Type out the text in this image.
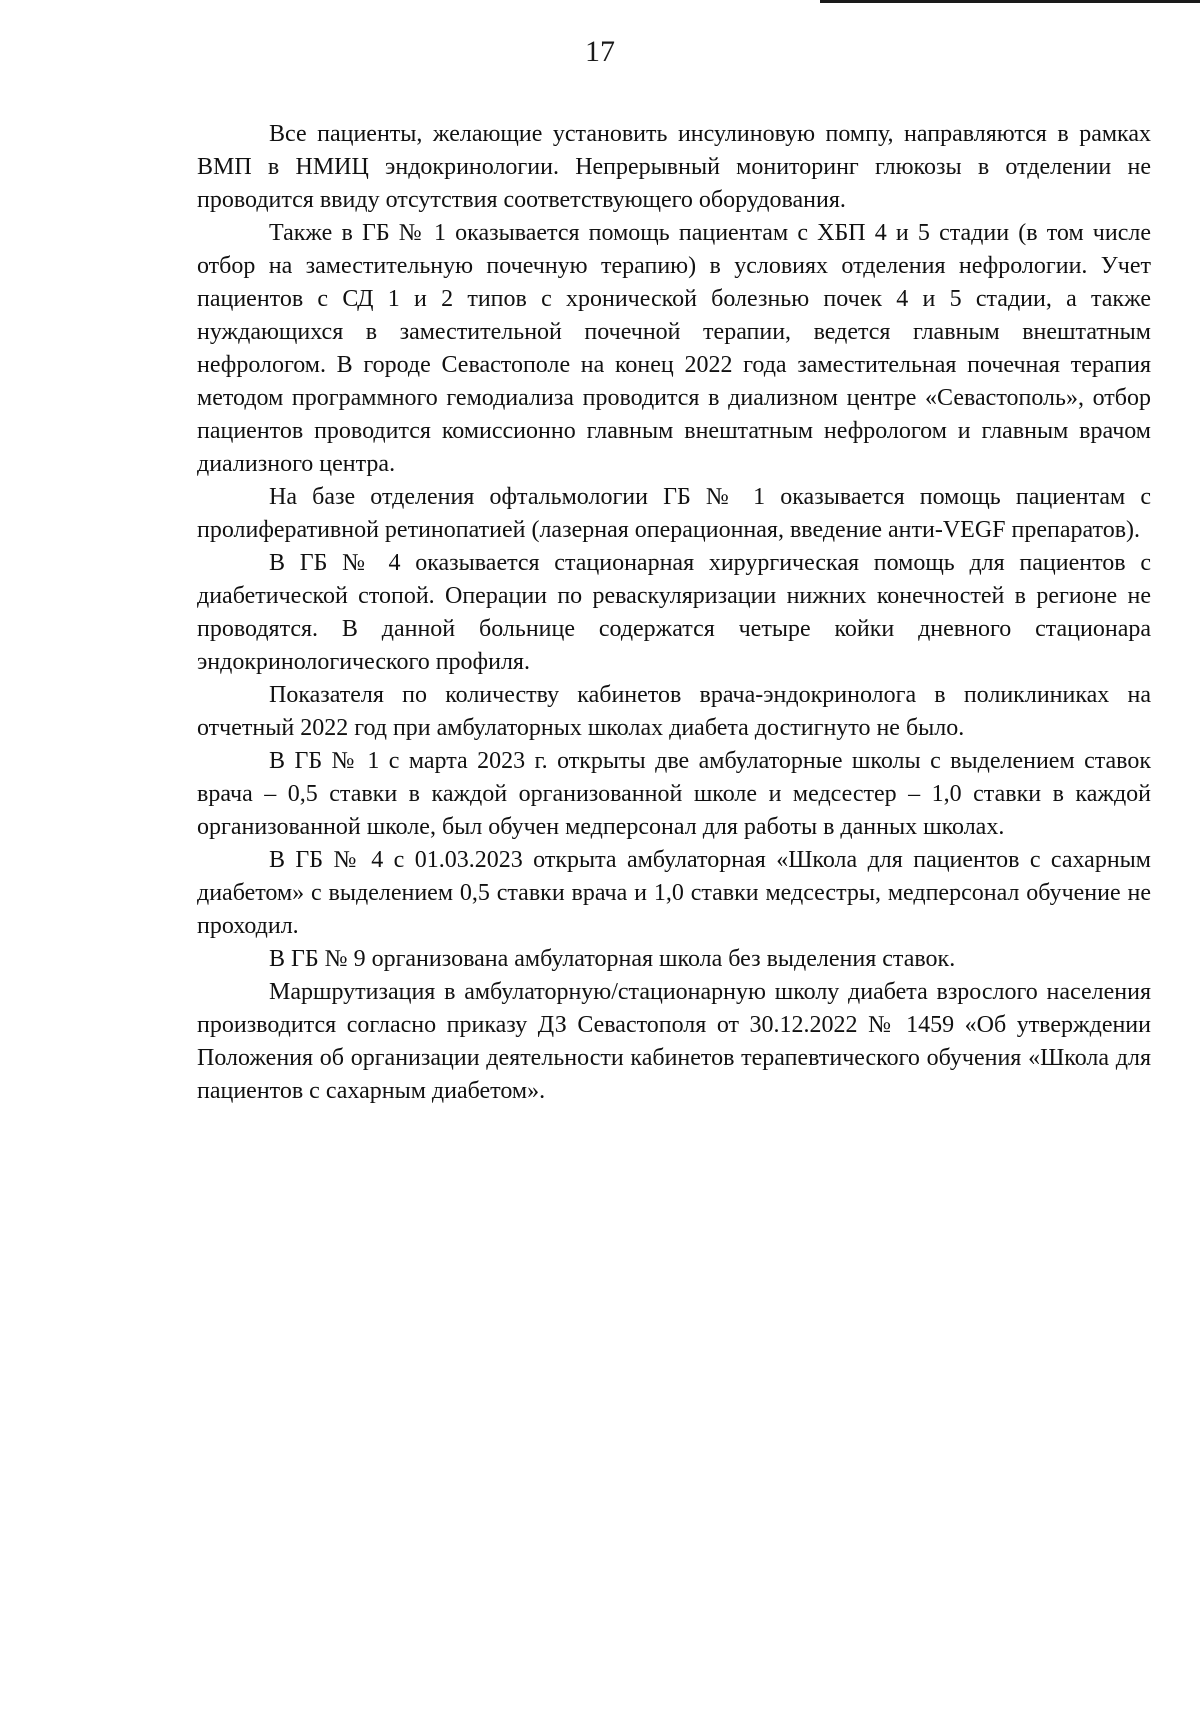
17

Все пациенты, желающие установить инсулиновую помпу, направляются в рамках ВМП в НМИЦ эндокринологии. Непрерывный мониторинг глюкозы в отделении не проводится ввиду отсутствия соответствующего оборудования.

Также в ГБ № 1 оказывается помощь пациентам с ХБП 4 и 5 стадии (в том числе отбор на заместительную почечную терапию) в условиях отделения нефрологии. Учет пациентов с СД 1 и 2 типов с хронической болезнью почек 4 и 5 стадии, а также нуждающихся в заместительной почечной терапии, ведется главным внештатным нефрологом. В городе Севастополе на конец 2022 года заместительная почечная терапия методом программного гемодиализа проводится в диализном центре «Севастополь», отбор пациентов проводится комиссионно главным внештатным нефрологом и главным врачом диализного центра.

На базе отделения офтальмологии ГБ № 1 оказывается помощь пациентам с пролиферативной ретинопатией (лазерная операционная, введение анти-VEGF препаратов).

В ГБ № 4 оказывается стационарная хирургическая помощь для пациентов с диабетической стопой. Операции по реваскуляризации нижних конечностей в регионе не проводятся. В данной больнице содержатся четыре койки дневного стационара эндокринологического профиля.

Показателя по количеству кабинетов врача-эндокринолога в поликлиниках на отчетный 2022 год при амбулаторных школах диабета достигнуто не было.

В ГБ № 1 с марта 2023 г. открыты две амбулаторные школы с выделением ставок врача – 0,5 ставки в каждой организованной школе и медсестер – 1,0 ставки в каждой организованной школе, был обучен медперсонал для работы в данных школах.

В ГБ № 4 с 01.03.2023 открыта амбулаторная «Школа для пациентов с сахарным диабетом» с выделением 0,5 ставки врача и 1,0 ставки медсестры, медперсонал обучение не проходил.

В ГБ № 9 организована амбулаторная школа без выделения ставок.

Маршрутизация в амбулаторную/стационарную школу диабета взрослого населения производится согласно приказу ДЗ Севастополя от 30.12.2022 № 1459 «Об утверждении Положения об организации деятельности кабинетов терапевтического обучения «Школа для пациентов с сахарным диабетом».
